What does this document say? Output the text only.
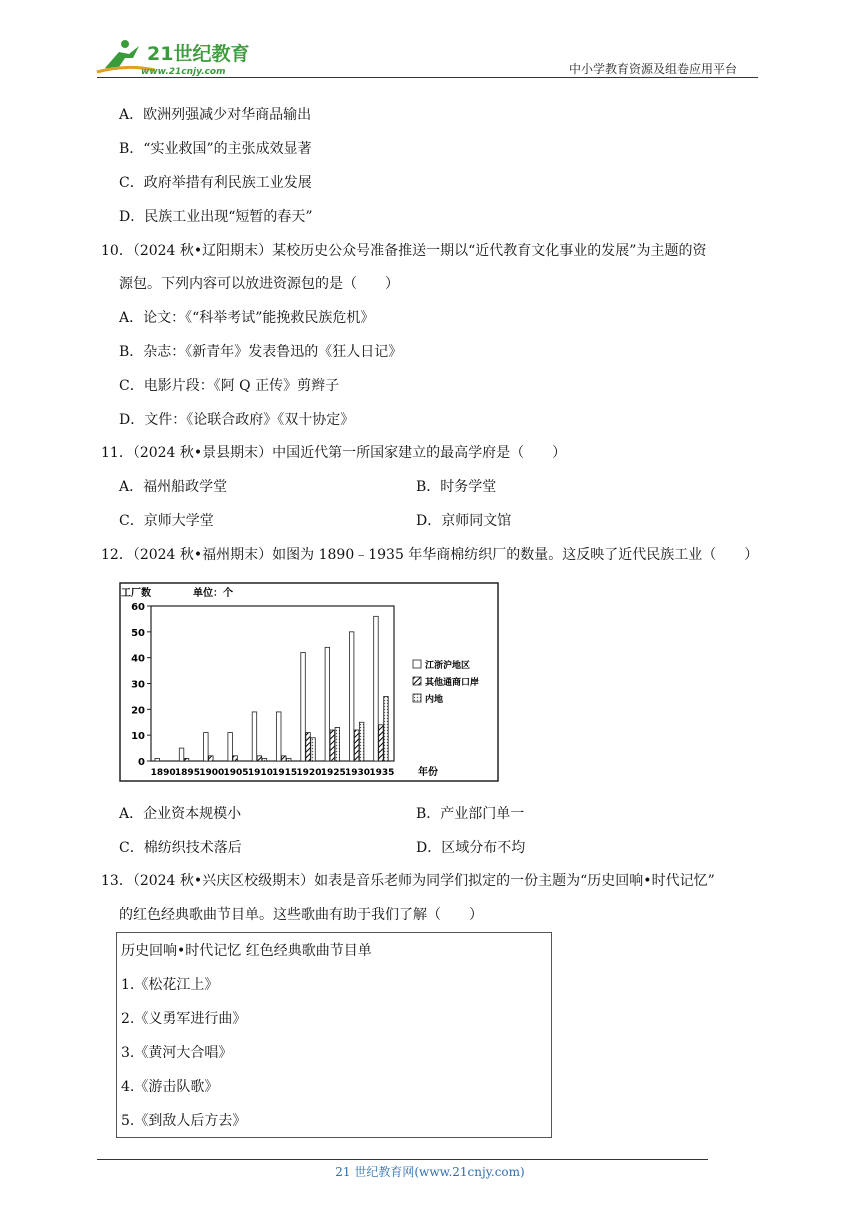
21世纪教育
www.21cnjy.com	中小学教育资源及组卷应用平台
A．欧洲列强减少对华商品输出
B．“实业救国”的主张成效显著
C．政府举措有利民族工业发展
D．民族工业出现“短暂的春天”
10．（2024 秋•辽阳期末）某校历史公众号准备推送一期以“近代教育文化事业的发展”为主题的资
源包。下列内容可以放进资源包的是（　　）
A．论文：《“科举考试”能挽救民族危机》
B．杂志：《新青年》发表鲁迅的《狂人日记》
C．电影片段：《阿 Q 正传》剪辫子
D．文件：《论联合政府》《双十协定》
11．（2024 秋•景县期末）中国近代第一所国家建立的最高学府是（　　）
A．福州船政学堂	B．时务学堂
C．京师大学堂	D．京师同文馆
12．（2024 秋•福州期末）如图为 1890﹣1935 年华商棉纺织厂的数量。这反映了近代民族工业（　　）
0
10
20
30
40
50
60
工厂数	单位：个
1890 1895 1900 1905 1910 1915 1920 1925 1930 1935 年份
江浙沪地区
其他通商口岸
内地
A．企业资本规模小	B．产业部门单一
C．棉纺织技术落后	D．区域分布不均
13．（2024 秋•兴庆区校级期末）如表是音乐老师为同学们拟定的一份主题为“历史回响•时代记忆”
的红色经典歌曲节目单。这些歌曲有助于我们了解（　　）
历史回响•时代记忆 红色经典歌曲节目单
1.《松花江上》
2.《义勇军进行曲》
3.《黄河大合唱》
4.《游击队歌》
5.《到敌人后方去》
21 世纪教育网(www.21cnjy.com)
